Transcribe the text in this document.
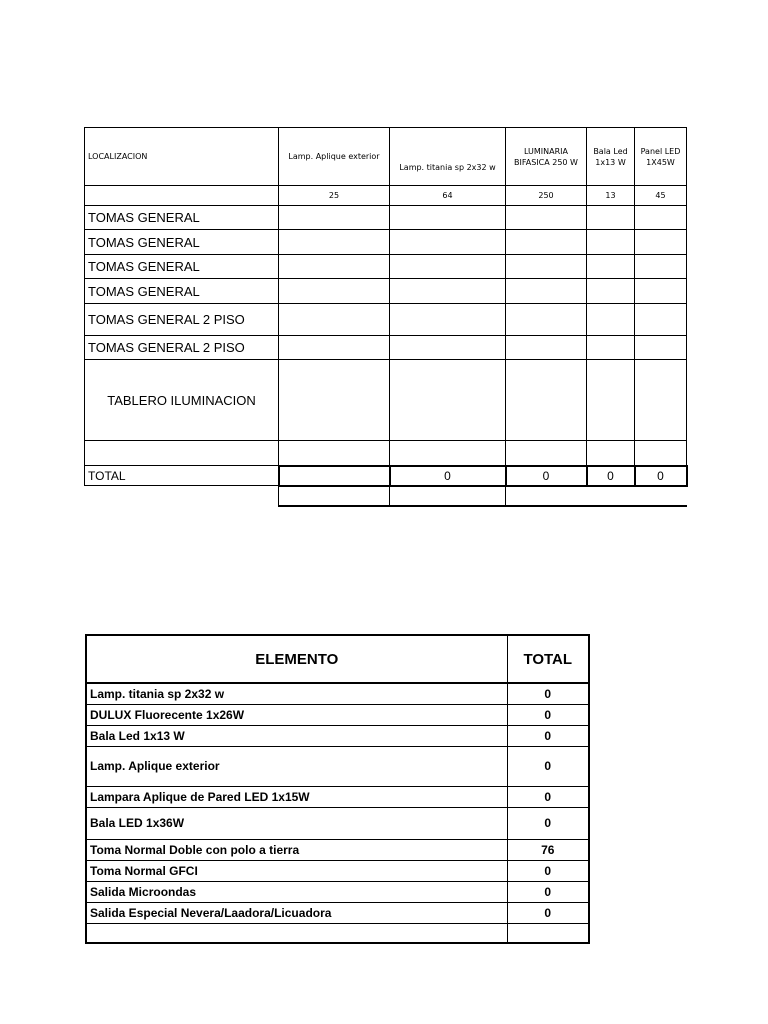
LOCALIZACION	Lamp. Aplique exterior	Lamp. titania sp 2x32 w	LUMINARIA BIFASICA 250 W	Bala Led 1x13 W	Panel LED 1X45W
	25	64	250	13	45
TOMAS GENERAL					
TOMAS GENERAL					
TOMAS GENERAL					
TOMAS GENERAL					
TOMAS GENERAL 2 PISO					
TOMAS GENERAL 2 PISO					
TABLERO ILUMINACION					

TOTAL		0	0	0	0

ELEMENTO	TOTAL
Lamp. titania sp 2x32 w	0
DULUX Fluorecente 1x26W	0
Bala Led 1x13 W	0
Lamp. Aplique exterior	0
Lampara Aplique de Pared LED 1x15W	0
Bala LED 1x36W	0
Toma Normal Doble con polo a tierra	76
Toma Normal GFCI	0
Salida Microondas	0
Salida Especial Nevera/Laadora/Licuadora	0
